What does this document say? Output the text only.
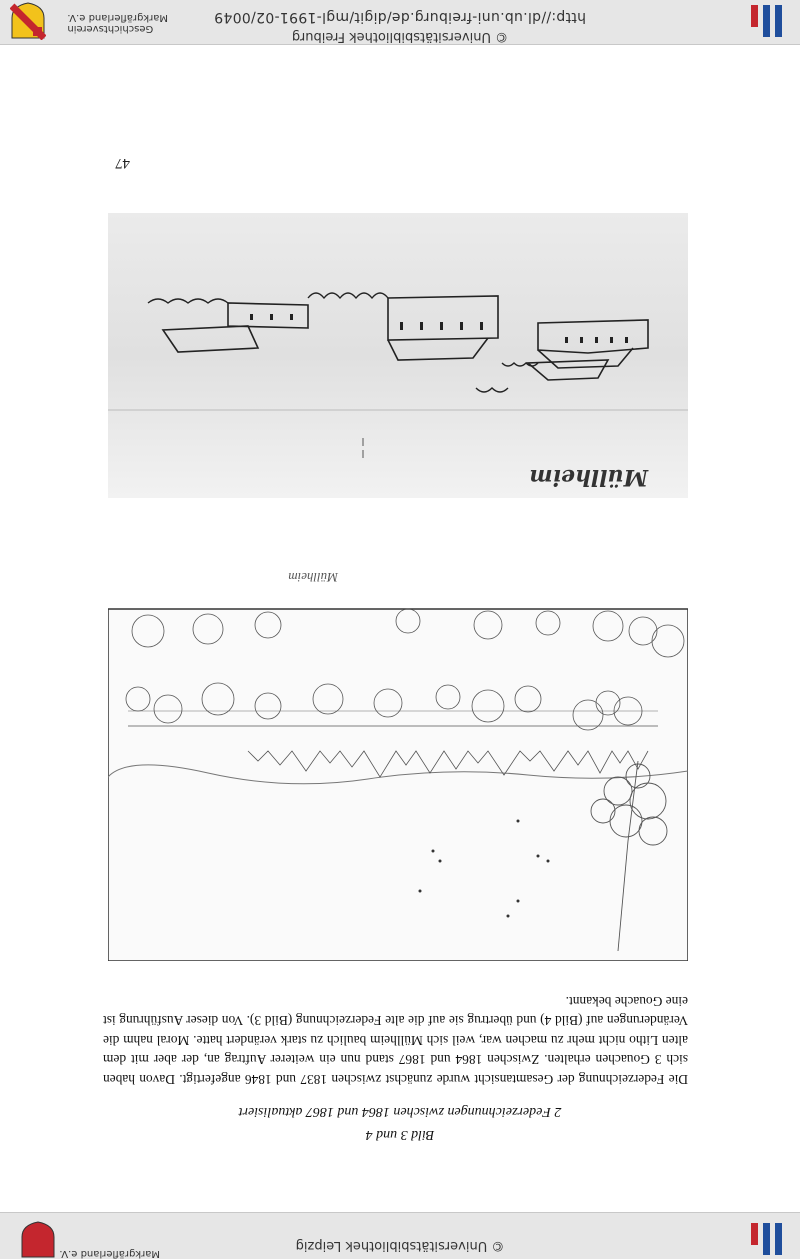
© Universitätsbibliothek Leipzig
Markgräflerland e.V.
Bild 3 und 4
2 Federzeichnungen zwischen 1864 und 1867 aktualisiert

Die Federzeichnung der Gesamtansicht wurde zunächst zwischen 1837 und 1846 angefertigt. Davon haben sich 3 Gouachen erhalten. Zwischen 1864 und 1867 stand nun ein weiterer Auftrag an, der aber mit dem alten Litho nicht mehr zu machen war, weil sich Müllheim baulich zu stark verändert hatte. Moral nahm die Veränderungen auf (Bild 4) und übertrug sie auf die alte Federzeichnung (Bild 3). Von dieser Ausführung ist eine Gouache bekannt.

Müllheim
Müllheim
47
© Universitätsbibliothek Freiburg
http://dl.ub.uni-freiburg.de/digit/mgl-1991-02/0049
Geschichtsverein
Markgräflerland e.V.
